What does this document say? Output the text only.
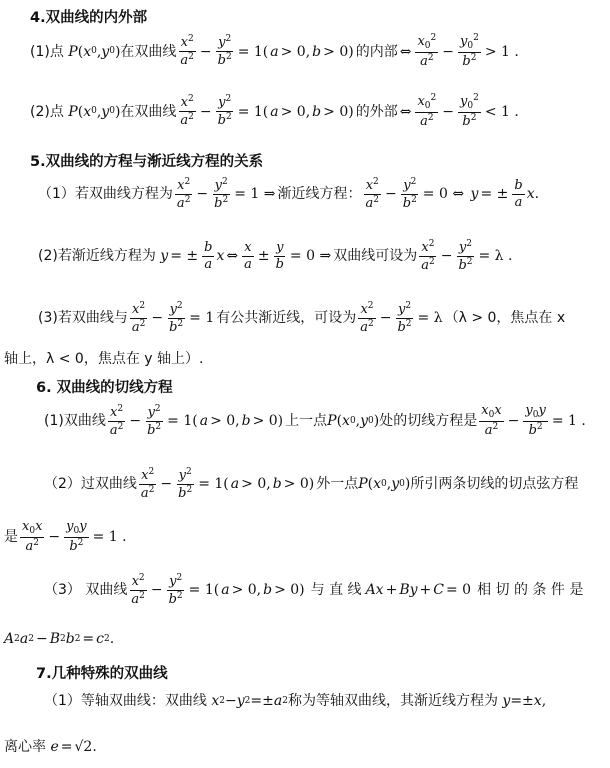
4.双曲线的内外部
(1)点 P ( x 0 , y 0 ) 在双曲线 $\frac{x^2}{a^2} - \frac{y^2}{b^2} = 1$( a > 0, b > 0) 的内部 ⇔ $\frac{x_0^2}{a^2} - \frac{y_0^2}{b^2} > 1$ .
(2)点 P ( x 0 , y 0 ) 在双曲线 $\frac{x^2}{a^2} - \frac{y^2}{b^2} = 1$( a > 0, b > 0) 的外部 ⇔ $\frac{x_0^2}{a^2} - \frac{y_0^2}{b^2} < 1$ .
5.双曲线的方程与渐近线方程的关系
（1）若双曲线方程为 $\frac{x^2}{a^2} - \frac{y^2}{b^2} = 1$ ⇒ 渐近线方程： $\frac{x^2}{a^2} - \frac{y^2}{b^2} = 0$ ⇔ y = ± $\frac{b}{a}$ x .
(2)若渐近线方程为 y = ± $\frac{b}{a}$ x ⇔ $\frac{x}{a} \pm \frac{y}{b} = 0$ ⇒ 双曲线可设为 $\frac{x^2}{a^2} - \frac{y^2}{b^2} = \lambda$ .
(3)若双曲线与 $\frac{x^2}{a^2} - \frac{y^2}{b^2} = 1$ 有公共渐近线，可设为 $\frac{x^2}{a^2} - \frac{y^2}{b^2} = \lambda$ （λ > 0，焦点在 x
轴上，λ < 0，焦点在 y 轴上）.
6. 双曲线的切线方程
(1)双曲线 $\frac{x^2}{a^2} - \frac{y^2}{b^2} = 1$( a > 0, b > 0) 上一点 P ( x 0 , y 0 ) 处的切线方程是 $\frac{x_0x}{a^2} - \frac{y_0y}{b^2} = 1$ .
（2）过双曲线 $\frac{x^2}{a^2} - \frac{y^2}{b^2} = 1$( a > 0, b > 0) 外一点 P ( x 0 , y 0 ) 所引两条切线的切点弦方程
是 $\frac{x_0x}{a^2} - \frac{y_0y}{b^2} = 1$ .
（3） 双曲线 $\frac{x^2}{a^2} - \frac{y^2}{b^2} = 1$( a > 0, b > 0) 与 直 线 Ax + By + C = 0 相 切 的 条 件 是
A 2 a 2 − B 2 b 2 = c 2 .
7.几种特殊的双曲线
（1）等轴双曲线：双曲线 x 2 − y 2 =± a 2 称为等轴双曲线，其渐近线方程为 y =± x ,
离心率 e = √2 .
